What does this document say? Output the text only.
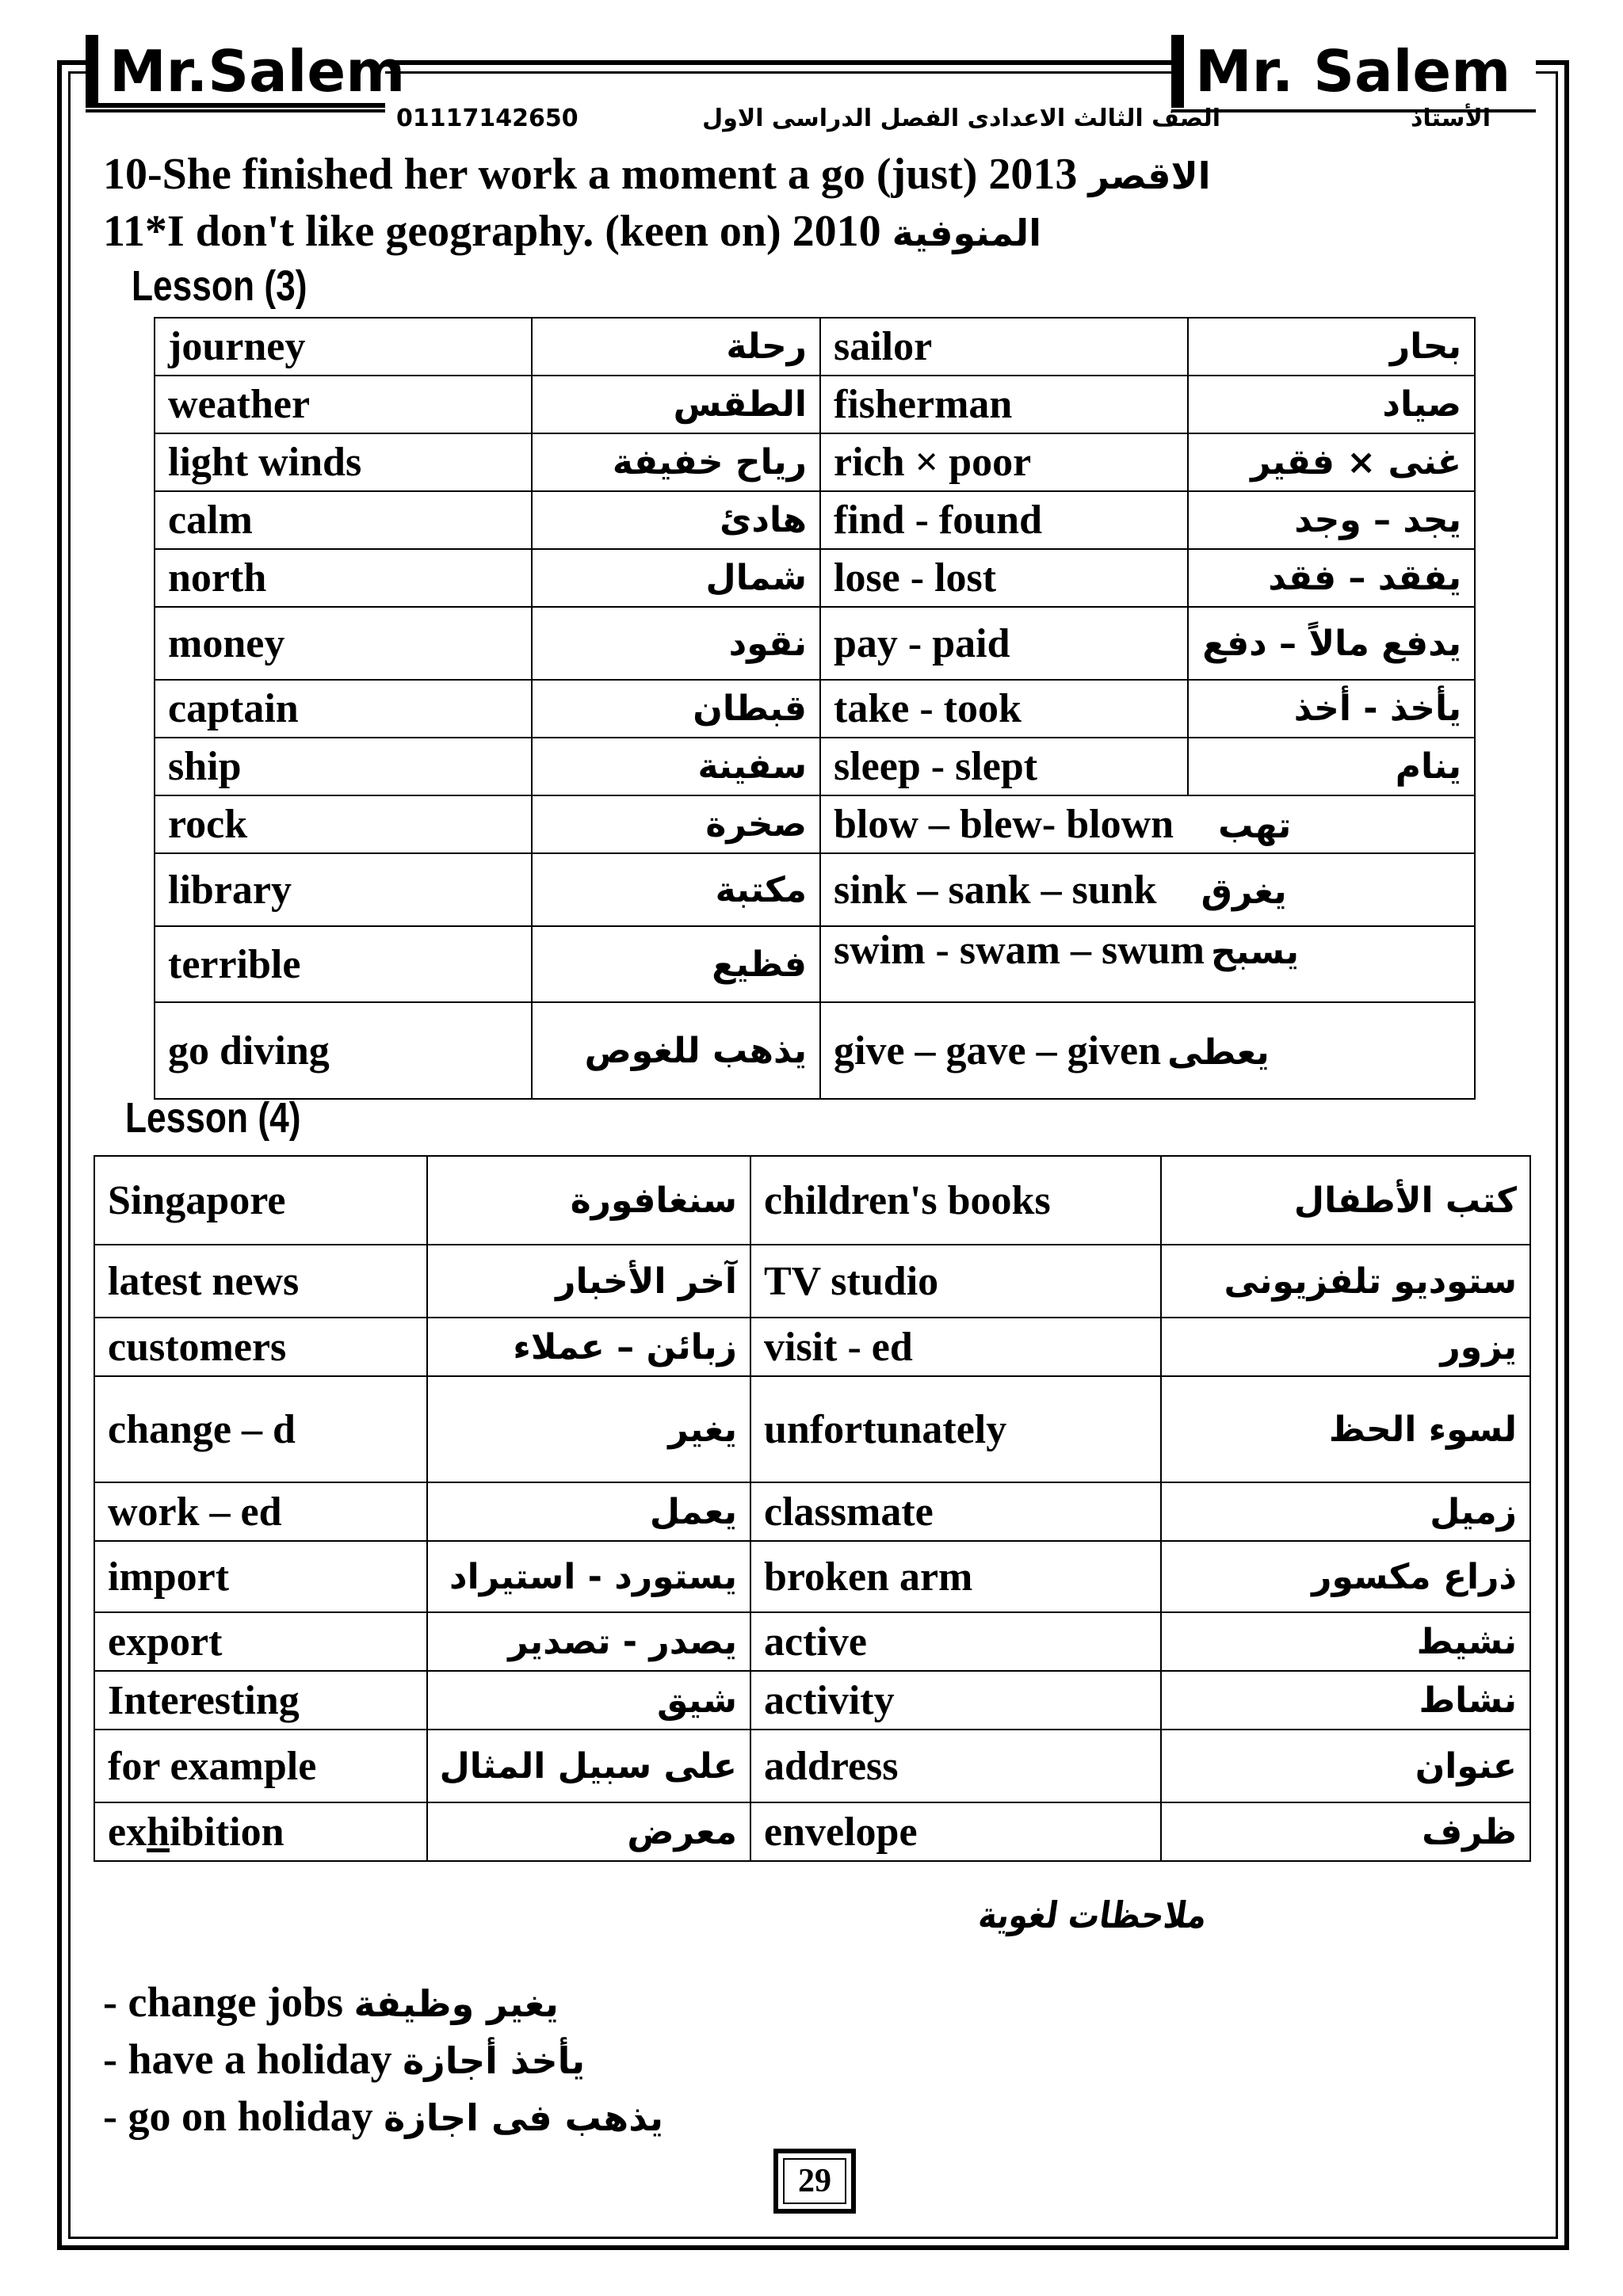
Mr.Salem	Mr. Salem
01117142650	الصف الثالث الاعدادى الفصل الدراسى الاول	الأستاذ
10-She finished her work a moment a go (just) 2013 الاقصر
11*I don't like geography. (keen on) 2010 المنوفية
Lesson (3)
journey	رحلة	sailor	بحار
weather	الطقس	fisherman	صياد
light winds	رياح خفيفة	rich × poor	غنى × فقير
calm	هادئ	find - found	يجد – وجد
north	شمال	lose - lost	يفقد – فقد
money	نقود	pay - paid	يدفع مالاً – دفع
captain	قبطان	take - took	يأخذ - أخذ
ship	سفينة	sleep - slept	ينام
rock	صخرة	blow – blew- blown تهب	
library	مكتبة	sink – sank – sunk يغرق	
terrible	فظيع	swim - swam – swum يسبح	
go diving	يذهب للغوص	give – gave – given يعطى	
Lesson (4)
Singapore	سنغافورة	children's books	كتب الأطفال
latest news	آخر الأخبار	TV studio	ستوديو تلفزيونى
customers	زبائن – عملاء	visit - ed	يزور
change – d	يغير	unfortunately	لسوء الحظ
work – ed	يعمل	classmate	زميل
import	يستورد - استيراد	broken arm	ذراع مكسور
export	يصدر - تصدير	active	نشيط
Interesting	شيق	activity	نشاط
for example	على سبيل المثال	address	عنوان
exhibition	معرض	envelope	ظرف
ملاحظات لغوية
- change jobs يغير وظيفة
- have a holiday يأخذ أجازة
- go on holiday يذهب فى اجازة
29
